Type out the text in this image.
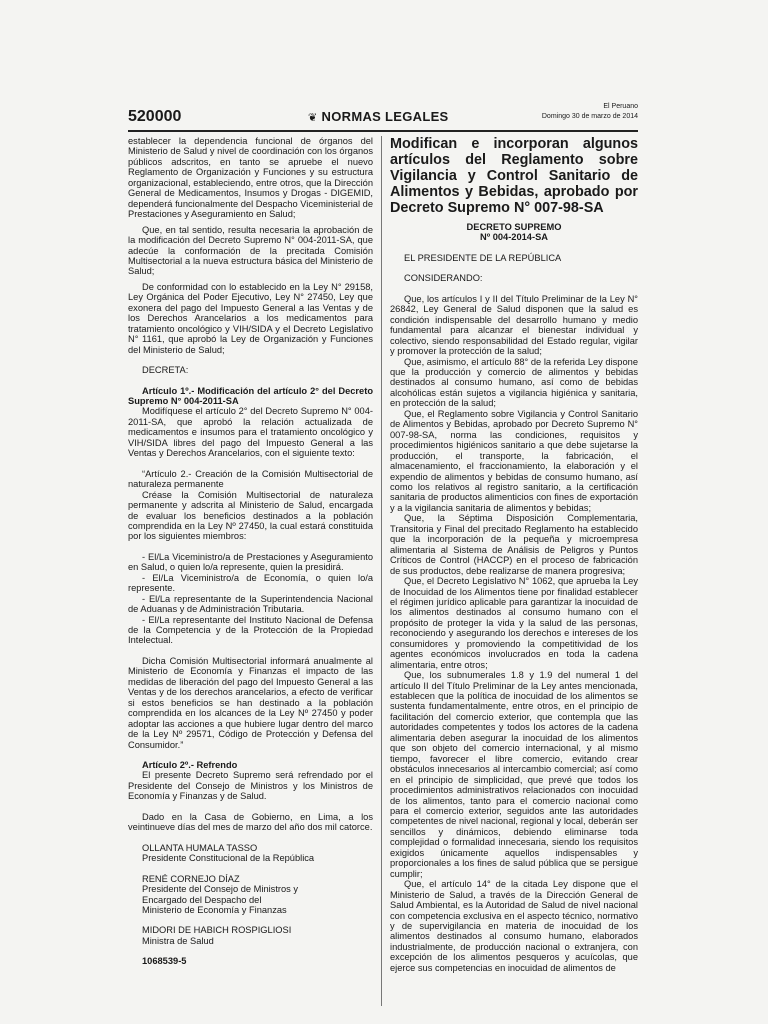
520000	❦ NORMAS LEGALES
El Peruano
Domingo 30 de marzo de 2014

establecer la dependencia funcional de órganos del Ministerio de Salud y nivel de coordinación con los órganos públicos adscritos, en tanto se apruebe el nuevo Reglamento de Organización y Funciones y su estructura organizacional, estableciendo, entre otros, que la Dirección General de Medicamentos, Insumos y Drogas - DIGEMID, dependerá funcionalmente del Despacho Viceministerial de Prestaciones y Aseguramiento en Salud;

Que, en tal sentido, resulta necesaria la aprobación de la modificación del Decreto Supremo N° 004-2011-SA, que adecúe la conformación de la precitada Comisión Multisectorial a la nueva estructura básica del Ministerio de Salud;

De conformidad con lo establecido en la Ley N° 29158, Ley Orgánica del Poder Ejecutivo, Ley N° 27450, Ley que exonera del pago del Impuesto General a las Ventas y de los Derechos Arancelarios a los medicamentos para tratamiento oncológico y VIH/SIDA y el Decreto Legislativo N° 1161, que aprobó la Ley de Organización y Funciones del Ministerio de Salud;

DECRETA:

Artículo 1º.- Modificación del artículo 2° del Decreto Supremo N° 004-2011-SA

Modifíquese el artículo 2° del Decreto Supremo N° 004-2011-SA, que aprobó la relación actualizada de medicamentos e insumos para el tratamiento oncológico y VIH/SIDA libres del pago del Impuesto General a las Ventas y Derechos Arancelarios, con el siguiente texto:

“Artículo 2.- Creación de la Comisión Multisectorial de naturaleza permanente

Créase la Comisión Multisectorial de naturaleza permanente y adscrita al Ministerio de Salud, encargada de evaluar los beneficios destinados a la población comprendida en la Ley Nº 27450, la cual estará constituida por los siguientes miembros:

- El/La Viceministro/a de Prestaciones y Aseguramiento en Salud, o quien lo/a represente, quien la presidirá.

- El/La Viceministro/a de Economía, o quien lo/a represente.

- El/La representante de la Superintendencia Nacional de Aduanas y de Administración Tributaria.

- El/La representante del Instituto Nacional de Defensa de la Competencia y de la Protección de la Propiedad Intelectual.

Dicha Comisión Multisectorial informará anualmente al Ministerio de Economía y Finanzas el impacto de las medidas de liberación del pago del Impuesto General a las Ventas y de los derechos arancelarios, a efecto de verificar si estos beneficios se han destinado a la población comprendida en los alcances de la Ley Nº 27450 y poder adoptar las acciones a que hubiere lugar dentro del marco de la Ley Nº 29571, Código de Protección y Defensa del Consumidor.”

Artículo 2º.- Refrendo

El presente Decreto Supremo será refrendado por el Presidente del Consejo de Ministros y los Ministros de Economía y Finanzas y de Salud.

Dado en la Casa de Gobierno, en Lima, a los veintinueve días del mes de marzo del año dos mil catorce.

OLLANTA HUMALA TASSO
Presidente Constitucional de la República
RENÉ CORNEJO DÍAZ
Presidente del Consejo de Ministros y
Encargado del Despacho del
Ministerio de Economía y Finanzas
MIDORI DE HABICH ROSPIGLIOSI
Ministra de Salud

1068539-5

Modifican e incorporan algunos artículos del Reglamento sobre Vigilancia y Control Sanitario de Alimentos y Bebidas, aprobado por Decreto Supremo N° 007-98-SA

DECRETO SUPREMO

Nº 004-2014-SA

EL PRESIDENTE DE LA REPÚBLICA

CONSIDERANDO:

Que, los artículos I y II del Título Preliminar de la Ley N° 26842, Ley General de Salud disponen que la salud es condición indispensable del desarrollo humano y medio fundamental para alcanzar el bienestar individual y colectivo, siendo responsabilidad del Estado regular, vigilar y promover la protección de la salud;

Que, asimismo, el artículo 88° de la referida Ley dispone que la producción y comercio de alimentos y bebidas destinados al consumo humano, así como de bebidas alcohólicas están sujetos a vigilancia higiénica y sanitaria, en protección de la salud;

Que, el Reglamento sobre Vigilancia y Control Sanitario de Alimentos y Bebidas, aprobado por Decreto Supremo N° 007-98-SA, norma las condiciones, requisitos y procedimientos higiénicos sanitario a que debe sujetarse la producción, el transporte, la fabricación, el almacenamiento, el fraccionamiento, la elaboración y el expendio de alimentos y bebidas de consumo humano, así como los relativos al registro sanitario, a la certificación sanitaria de productos alimenticios con fines de exportación y a la vigilancia sanitaria de alimentos y bebidas;

Que, la Séptima Disposición Complementaria, Transitoria y Final del precitado Reglamento ha establecido que la incorporación de la pequeña y microempresa alimentaria al Sistema de Análisis de Peligros y Puntos Críticos de Control (HACCP) en el proceso de fabricación de sus productos, debe realizarse de manera progresiva;

Que, el Decreto Legislativo N° 1062, que aprueba la Ley de Inocuidad de los Alimentos tiene por finalidad establecer el régimen jurídico aplicable para garantizar la inocuidad de los alimentos destinados al consumo humano con el propósito de proteger la vida y la salud de las personas, reconociendo y asegurando los derechos e intereses de los consumidores y promoviendo la competitividad de los agentes económicos involucrados en toda la cadena alimentaria, entre otros;

Que, los subnumerales 1.8 y 1.9 del numeral 1 del artículo II del Título Preliminar de la Ley antes mencionada, establecen que la política de inocuidad de los alimentos se sustenta fundamentalmente, entre otros, en el principio de facilitación del comercio exterior, que contempla que las autoridades competentes y todos los actores de la cadena alimentaria deben asegurar la inocuidad de los alimentos que son objeto del comercio internacional, y al mismo tiempo, favorecer el libre comercio, evitando crear obstáculos innecesarios al intercambio comercial; así como en el principio de simplicidad, que prevé que todos los procedimientos administrativos relacionados con inocuidad de los alimentos, tanto para el comercio nacional como para el comercio exterior, seguidos ante las autoridades competentes de nivel nacional, regional y local, deberán ser sencillos y dinámicos, debiendo eliminarse toda complejidad o formalidad innecesaria, siendo los requisitos exigidos únicamente aquellos indispensables y proporcionales a los fines de salud pública que se persigue cumplir;

Que, el artículo 14° de la citada Ley dispone que el Ministerio de Salud, a través de la Dirección General de Salud Ambiental, es la Autoridad de Salud de nivel nacional con competencia exclusiva en el aspecto técnico, normativo y de supervigilancia en materia de inocuidad de los alimentos destinados al consumo humano, elaborados industrialmente, de producción nacional o extranjera, con excepción de los alimentos pesqueros y acuícolas, que ejerce sus competencias en inocuidad de alimentos de
